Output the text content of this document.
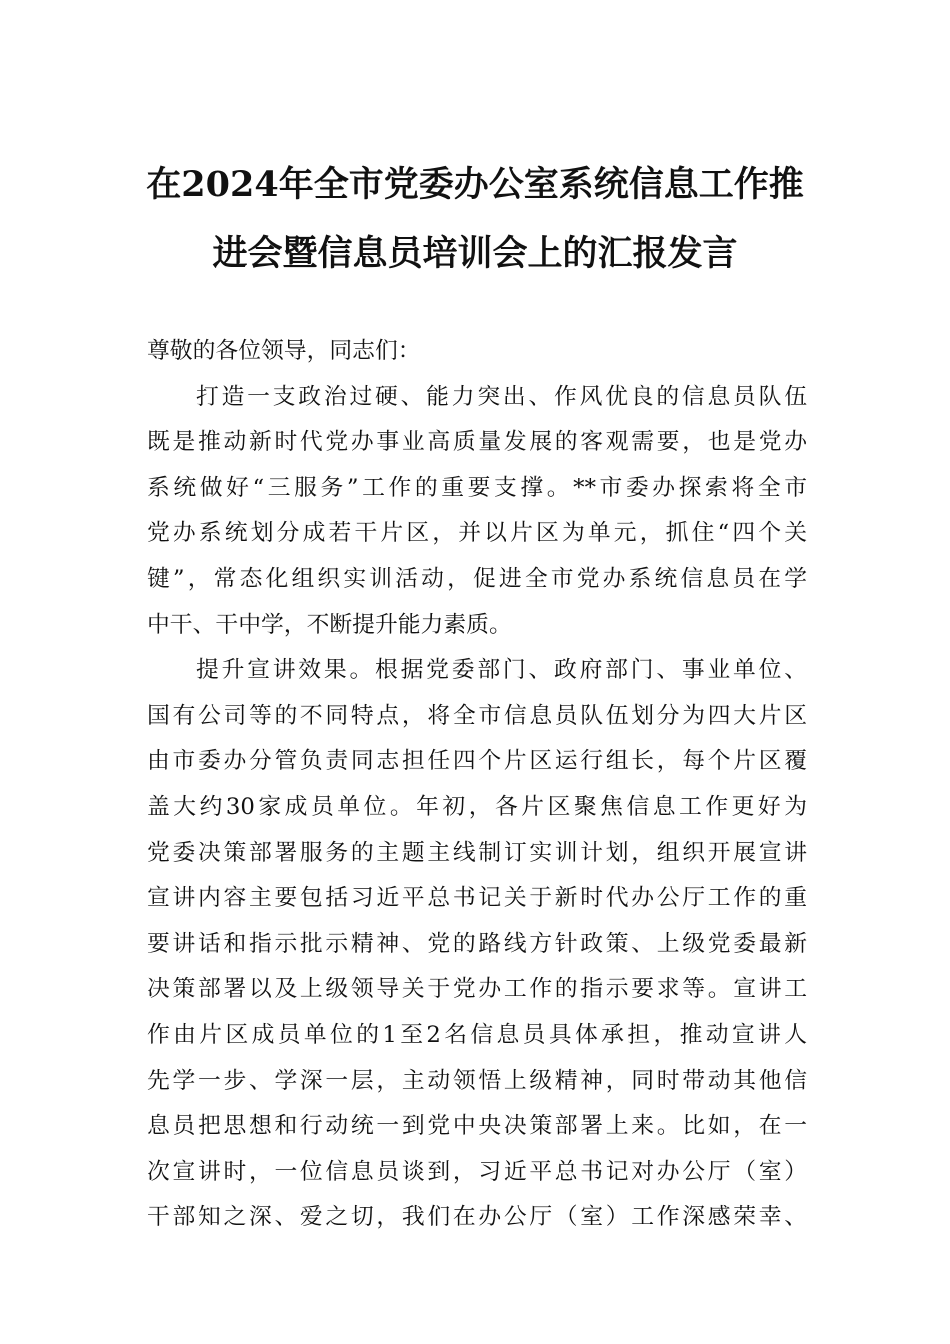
在2024年全市党委办公室系统信息工作推
进会暨信息员培训会上的汇报发言
尊敬的各位领导，同志们：
打造一支政治过硬、能力突出、作风优良的信息员队伍
既是推动新时代党办事业高质量发展的客观需要，也是党办
系统做好“三服务”工作的重要支撑。**市委办探索将全市
党办系统划分成若干片区，并以片区为单元，抓住“四个关
键”，常态化组织实训活动，促进全市党办系统信息员在学
中干、干中学，不断提升能力素质。
提升宣讲效果。根据党委部门、政府部门、事业单位、
国有公司等的不同特点，将全市信息员队伍划分为四大片区
由市委办分管负责同志担任四个片区运行组长，每个片区覆
盖大约30家成员单位。年初，各片区聚焦信息工作更好为
党委决策部署服务的主题主线制订实训计划，组织开展宣讲
宣讲内容主要包括习近平总书记关于新时代办公厅工作的重
要讲话和指示批示精神、党的路线方针政策、上级党委最新
决策部署以及上级领导关于党办工作的指示要求等。宣讲工
作由片区成员单位的1至2名信息员具体承担，推动宣讲人
先学一步、学深一层，主动领悟上级精神，同时带动其他信
息员把思想和行动统一到党中央决策部署上来。比如，在一
次宣讲时，一位信息员谈到，习近平总书记对办公厅（室）
干部知之深、爱之切，我们在办公厅（室）工作深感荣幸、
